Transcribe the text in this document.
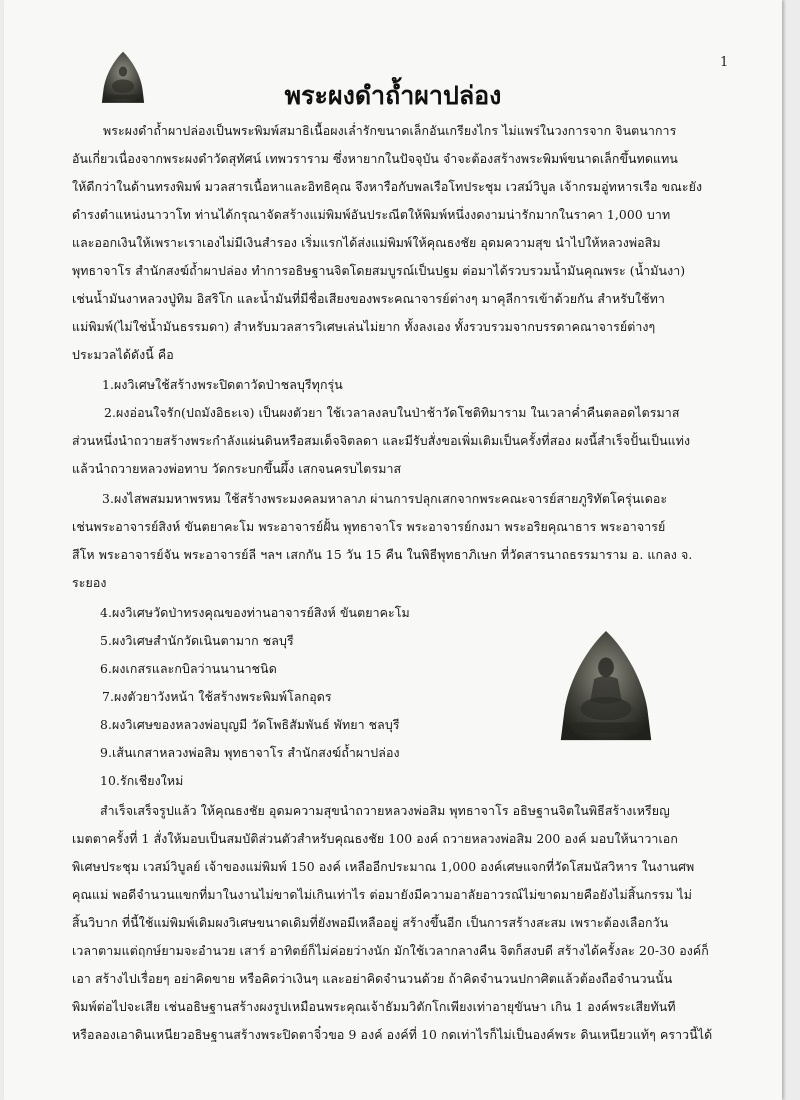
1
พระผงดำถ้ำผาปล่อง
พระผงดำถ้ำผาปล่องเป็นพระพิมพ์สมาธิเนื้อผงเล่ำรักขนาดเล็กอันเกรียงไกร ไม่แพร่ในวงการจาก จินตนาการ
อันเกี่ยวเนื่องจากพระผงดำวัดสุทัศน์ เทพวราราม ซึ่งหายากในปัจจุบัน จำจะต้องสร้างพระพิมพ์ขนาดเล็กขึ้นทดแทน
ให้ดีกว่าในด้านทรงพิมพ์ มวลสารเนื้อหาและอิทธิคุณ จึงหารือกับพลเรือโทประชุม เวสม์วิบูล เจ้ากรมอู่ทหารเรือ ขณะยัง
ดำรงตำแหน่งนาวาโท ท่านได้กรุณาจัดสร้างแม่พิมพ์อันประณีตให้พิมพ์หนึ่งงดงามน่ารักมากในราคา 1,000 บาท
และออกเงินให้เพราะเราเองไม่มีเงินสำรอง เริ่มแรกได้ส่งแม่พิมพ์ให้คุณธงชัย อุดมความสุข นำไปให้หลวงพ่อสิม
พุทธาจาโร สำนักสงฆ์ถ้ำผาปล่อง ทำการอธิษฐานจิตโดยสมบูรณ์เป็นปฐม ต่อมาได้รวบรวมน้ำมันคุณพระ (น้ำมันงา)
เช่นน้ำมันงาหลวงปู่ทิม อิสริโก และน้ำมันที่มีชื่อเสียงของพระคณาจารย์ต่างๆ มาคุลีการเข้าด้วยกัน สำหรับใช้ทา
แม่พิมพ์(ไม่ใช่น้ำมันธรรมดา) สำหรับมวลสารวิเศษเล่นไม่ยาก ทั้งลงเอง ทั้งรวบรวมจากบรรดาคณาจารย์ต่างๆ
ประมวลได้ดังนี้ คือ
1.ผงวิเศษใช้สร้างพระปิดตาวัดป่าชลบุรีทุกรุ่น
2.ผงอ่อนใจรัก(ปถมังอิธะเจ) เป็นผงตัวยา ใช้เวลาลงลบในป่าช้าวัดโชติทิมาราม ในเวลาค่ำคืนตลอดไตรมาส
ส่วนหนึ่งนำถวายสร้างพระกำลังแผ่นดินหรือสมเด็จจิตลดา และมีรับสั่งขอเพิ่มเติมเป็นครั้งที่สอง ผงนี้สำเร็จปั้นเป็นแท่ง
แล้วนำถวายหลวงพ่อทาบ วัดกระบกขึ้นผึ้ง เสกจนครบไตรมาส
3.ผงไสพสมมหาพรหม ใช้สร้างพระมงคลมหาลาภ ผ่านการปลุกเสกจากพระคณะจารย์สายภูริทัตโครุ่นเดอะ
เช่นพระอาจารย์สิงห์ ขันตยาคะโม พระอาจารย์ฝั้น พุทธาจาโร พระอาจารย์กงมา พระอริยคุณาธาร พระอาจารย์
สีโห พระอาจารย์จัน พระอาจารย์ลี ฯลฯ เสกกัน 15 วัน 15 คืน ในพิธีพุทธาภิเษก ที่วัดสารนาถธรรมาราม อ. แกลง จ.
ระยอง
4.ผงวิเศษวัดป่าทรงคุณของท่านอาจารย์สิงห์ ขันตยาคะโม
5.ผงวิเศษสำนักวัดเนินตามาก ชลบุรี
6.ผงเกสรและกบิลว่านนานาชนิด
7.ผงตัวยาวังหน้า ใช้สร้างพระพิมพ์โลกอุดร
8.ผงวิเศษของหลวงพ่อบุญมี วัดโพธิสัมพันธ์ พัทยา ชลบุรี
9.เส้นเกสาหลวงพ่อสิม พุทธาจาโร สำนักสงฆ์ถ้ำผาปล่อง
10.รักเชียงใหม่
สำเร็จเสร็จรูปแล้ว ให้คุณธงชัย อุดมความสุขนำถวายหลวงพ่อสิม พุทธาจาโร อธิษฐานจิตในพิธีสร้างเหรียญ
เมตตาครั้งที่ 1 สั่งให้มอบเป็นสมบัติส่วนตัวสำหรับคุณธงชัย 100 องค์ ถวายหลวงพ่อสิม 200 องค์ มอบให้นาวาเอก
พิเศษประชุม เวสม์วิบูลย์ เจ้าของแม่พิมพ์ 150 องค์ เหลืออีกประมาณ 1,000 องค์เศษแจกที่วัดโสมนัสวิหาร ในงานศพ
คุณแม่ พอดีจำนวนแขกที่มาในงานไม่ขาดไม่เกินเท่าไร ต่อมายังมีความอาลัยอาวรณ์ไม่ขาดมายคือยังไม่สิ้นกรรม ไม่
สิ้นวิบาก ที่นี้ใช้แม่พิมพ์เดิมผงวิเศษขนาดเดิมที่ยังพอมีเหลืออยู่ สร้างขึ้นอีก เป็นการสร้างสะสม เพราะต้องเลือกวัน
เวลาตามแต่ฤกษ์ยามจะอำนวย เสาร์ อาทิตย์ก็ไม่ค่อยว่างนัก มักใช้เวลากลางคืน จิตก็สงบดี สร้างได้ครั้งละ 20-30 องค์ก็
เอา สร้างไปเรื่อยๆ อย่าคิดขาย หรือคิดว่าเงินๆ และอย่าคิดจำนวนด้วย ถ้าคิดจำนวนปกาศิตแล้วต้องถือจำนวนนั้น
พิมพ์ต่อไปจะเสีย เช่นอธิษฐานสร้างผงรูปเหมือนพระคุณเจ้าธัมมวิตักโกเพียงเท่าอายุขันษา เกิน 1 องค์พระเสียทันที
หรือลองเอาดินเหนียวอธิษฐานสร้างพระปิดตาจิ๋วขอ 9 องค์ องค์ที่ 10 กดเท่าไรก็ไม่เป็นองค์พระ ดินเหนียวแท้ๆ คราวนี้ได้
